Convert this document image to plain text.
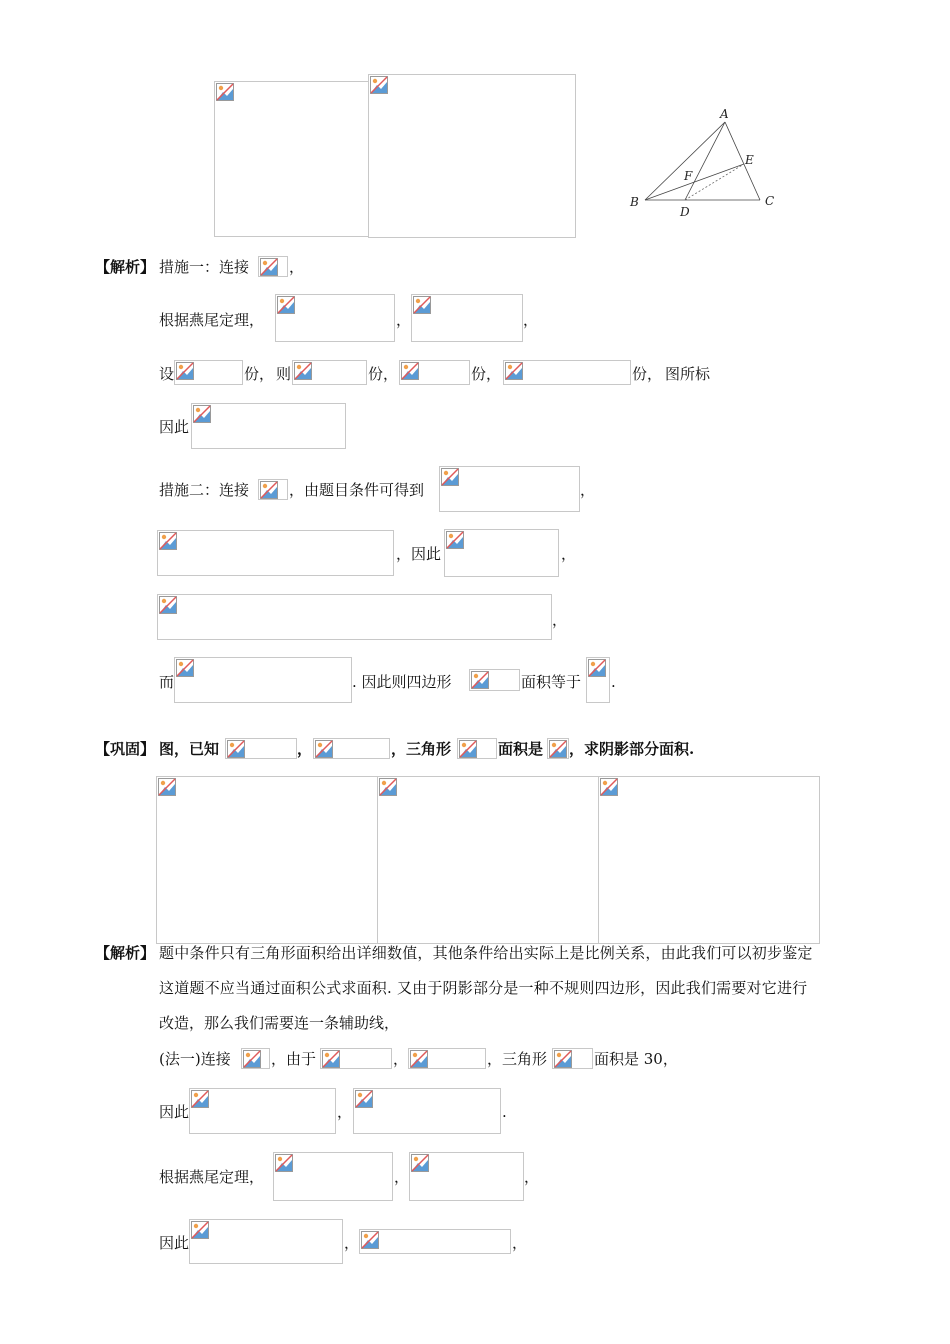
A
B	C
D
E
F
【解析】 措施一：连接	，
根据燕尾定理，	，	，
设	份， 则	份，	份，	份， 图所标
因此
措施二：连接	，由题目条件可得到	，
，因此	，
，
而	. 因此则四边形	面积等于 .
【巩固】 图，已知	，	，三角形	面积是 ，求阴影部分面积.
【解析】 题中条件只有三角形面积给出详细数值，其他条件给出实际上是比例关系，由此我们可以初步鉴定
这道题不应当通过面积公式求面积. 又由于阴影部分是一种不规则四边形，因此我们需要对它进行
改造，那么我们需要连一条辅助线，
(法一)连接	，由于	，	，三角形	面积是 30，
因此	，	.
根据燕尾定理，	，	，
因此	，	，
